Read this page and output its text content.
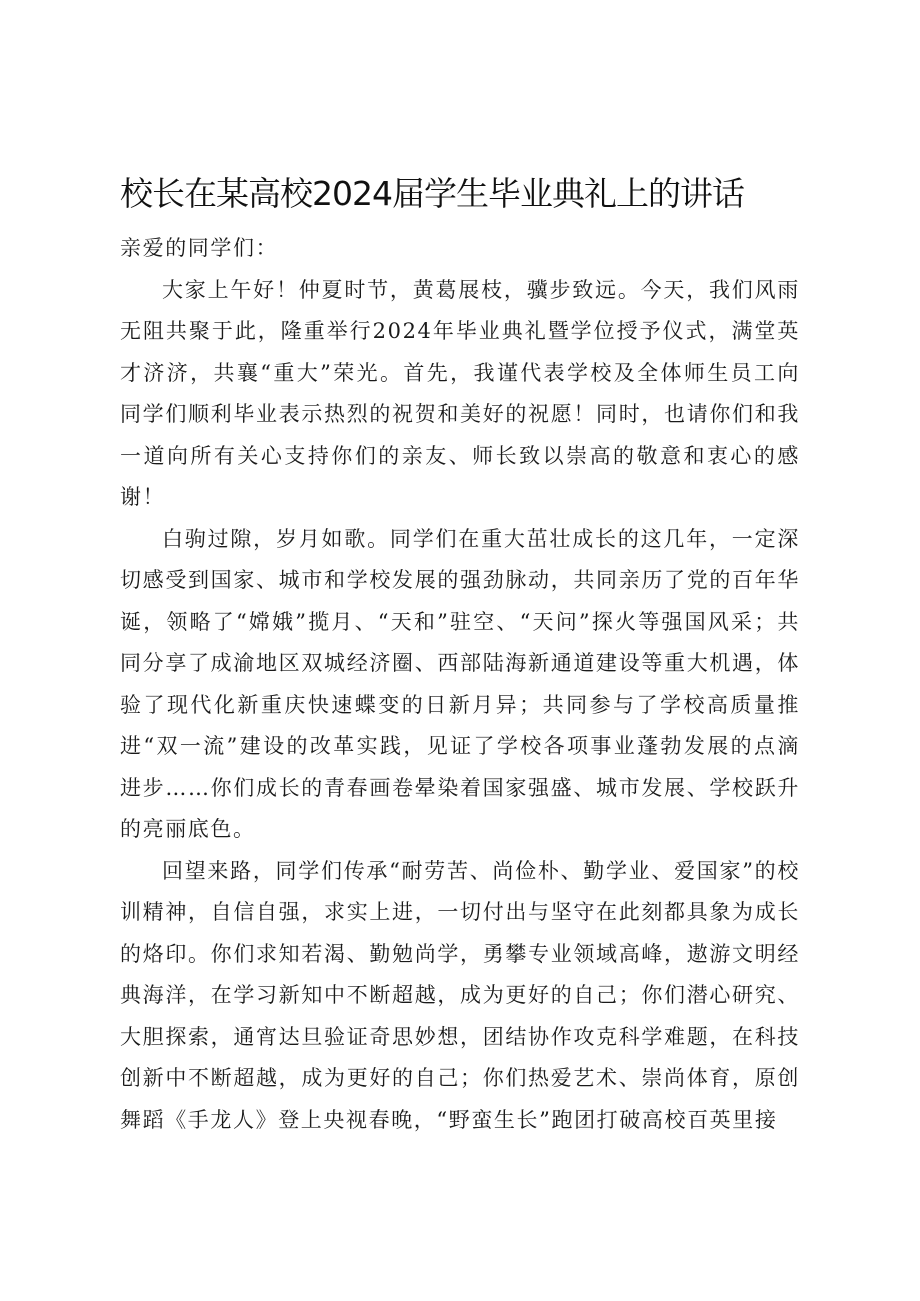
校长在某高校2024届学生毕业典礼上的讲话

亲爱的同学们：

大家上午好！仲夏时节，黄葛展枝，骥步致远。今天，我们风雨无阻共聚于此，隆重举行2024年毕业典礼暨学位授予仪式，满堂英才济济，共襄“重大”荣光。首先，我谨代表学校及全体师生员工向同学们顺利毕业表示热烈的祝贺和美好的祝愿！同时，也请你们和我一道向所有关心支持你们的亲友、师长致以崇高的敬意和衷心的感谢！

白驹过隙，岁月如歌。同学们在重大茁壮成长的这几年，一定深切感受到国家、城市和学校发展的强劲脉动，共同亲历了党的百年华诞，领略了“嫦娥”揽月、“天和”驻空、“天问”探火等强国风采；共同分享了成渝地区双城经济圈、西部陆海新通道建设等重大机遇，体验了现代化新重庆快速蝶变的日新月异；共同参与了学校高质量推进“双一流”建设的改革实践，见证了学校各项事业蓬勃发展的点滴进步……你们成长的青春画卷晕染着国家强盛、城市发展、学校跃升的亮丽底色。

回望来路，同学们传承“耐劳苦、尚俭朴、勤学业、爱国家”的校训精神，自信自强，求实上进，一切付出与坚守在此刻都具象为成长的烙印。你们求知若渴、勤勉尚学，勇攀专业领域高峰，遨游文明经典海洋，在学习新知中不断超越，成为更好的自己；你们潜心研究、大胆探索，通宵达旦验证奇思妙想，团结协作攻克科学难题，在科技创新中不断超越，成为更好的自己；你们热爱艺术、崇尚体育，原创舞蹈《手龙人》登上央视春晚，“野蛮生长”跑团打破高校百英里接
